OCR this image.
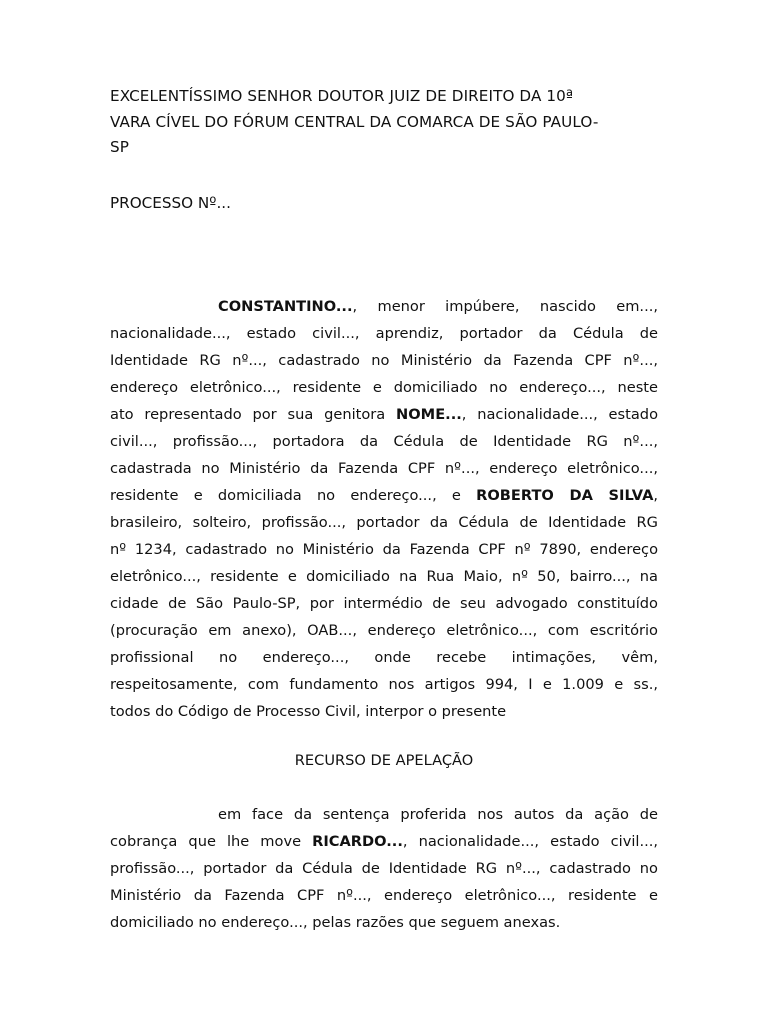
EXCELENTÍSSIMO SENHOR DOUTOR JUIZ DE DIREITO DA 10ª
VARA CÍVEL DO FÓRUM CENTRAL DA COMARCA DE SÃO PAULO-
SP
PROCESSO Nº...
CONSTANTINO..., menor impúbere, nascido em...,
nacionalidade..., estado civil..., aprendiz, portador da Cédula de
Identidade RG nº..., cadastrado no Ministério da Fazenda CPF nº...,
endereço eletrônico..., residente e domiciliado no endereço..., neste
ato representado por sua genitora NOME..., nacionalidade..., estado
civil..., profissão..., portadora da Cédula de Identidade RG nº...,
cadastrada no Ministério da Fazenda CPF nº..., endereço eletrônico...,
residente e domiciliada no endereço..., e ROBERTO DA SILVA,
brasileiro, solteiro, profissão..., portador da Cédula de Identidade RG
nº 1234, cadastrado no Ministério da Fazenda CPF nº 7890, endereço
eletrônico..., residente e domiciliado na Rua Maio, nº 50, bairro..., na
cidade de São Paulo-SP, por intermédio de seu advogado constituído
(procuração em anexo), OAB..., endereço eletrônico..., com escritório
profissional no endereço..., onde recebe intimações, vêm,
respeitosamente, com fundamento nos artigos 994, I e 1.009 e ss.,
todos do Código de Processo Civil, interpor o presente
RECURSO DE APELAÇÃO
em face da sentença proferida nos autos da ação de
cobrança que lhe move RICARDO..., nacionalidade..., estado civil...,
profissão..., portador da Cédula de Identidade RG nº..., cadastrado no
Ministério da Fazenda CPF nº..., endereço eletrônico..., residente e
domiciliado no endereço..., pelas razões que seguem anexas.
